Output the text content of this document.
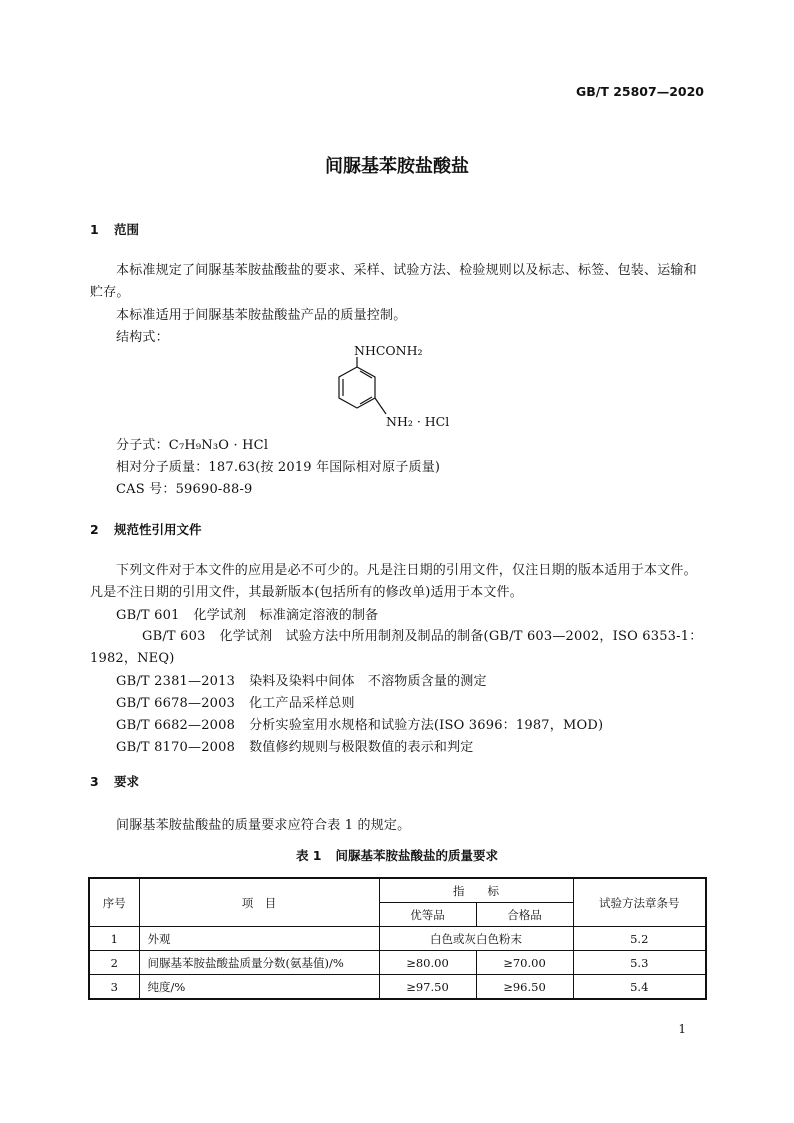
GB/T 25807—2020
间脲基苯胺盐酸盐
1 范围
本标准规定了间脲基苯胺盐酸盐的要求、采样、试验方法、检验规则以及标志、标签、包装、运输和贮存。
本标准适用于间脲基苯胺盐酸盐产品的质量控制。
结构式：
NHCONH₂
NH₂ · HCl
分子式：C₇H₉N₃O · HCl
相对分子质量：187.63(按 2019 年国际相对原子质量)
CAS 号：59690-88-9
2 规范性引用文件
下列文件对于本文件的应用是必不可少的。凡是注日期的引用文件，仅注日期的版本适用于本文件。凡是不注日期的引用文件，其最新版本(包括所有的修改单)适用于本文件。
GB/T 601 化学试剂　标准滴定溶液的制备
GB/T 603 化学试剂　试验方法中所用制剂及制品的制备(GB/T 603—2002，ISO 6353-1：1982，NEQ)
GB/T 2381—2013 染料及染料中间体　不溶物质含量的测定
GB/T 6678—2003 化工产品采样总则
GB/T 6682—2008 分析实验室用水规格和试验方法(ISO 3696：1987，MOD)
GB/T 8170—2008 数值修约规则与极限数值的表示和判定
3 要求
间脲基苯胺盐酸盐的质量要求应符合表 1 的规定。
表 1 间脲基苯胺盐酸盐的质量要求
序号	项　目	指　　标		试验方法章条号
		优等品	合格品	
1	外观	白色或灰白色粉末		5.2
2	间脲基苯胺盐酸盐质量分数(氨基值)/%	≥80.00	≥70.00	5.3
3	纯度/%	≥97.50	≥96.50	5.4
1
